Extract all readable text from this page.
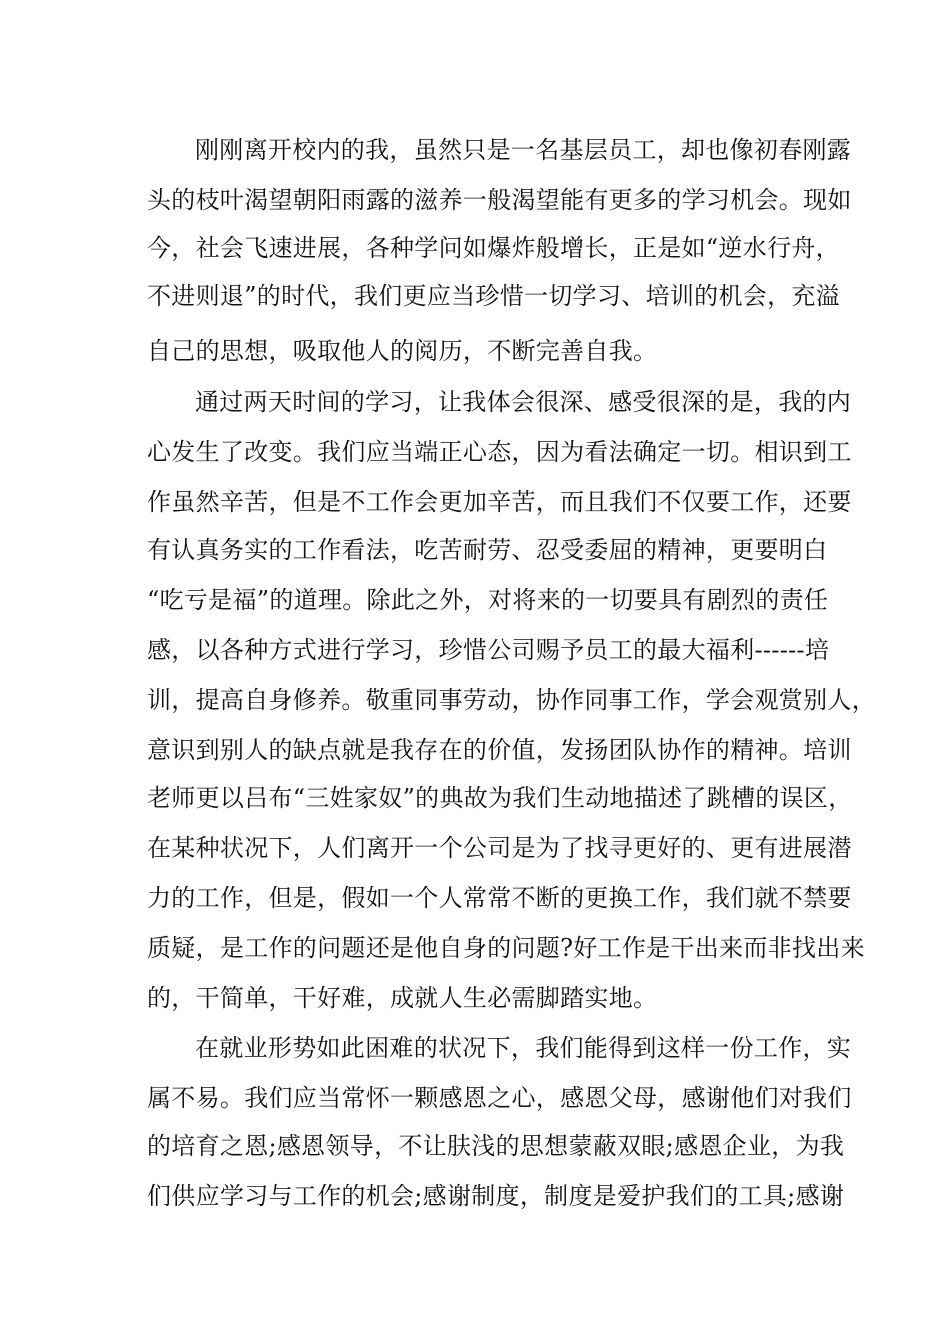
刚刚离开校内的我，虽然只是一名基层员工，却也像初春刚露

头的枝叶渴望朝阳雨露的滋养一般渴望能有更多的学习机会。现如

今，社会飞速进展，各种学问如爆炸般增长，正是如“逆水行舟，

不进则退”的时代，我们更应当珍惜一切学习、培训的机会，充溢

自己的思想，吸取他人的阅历，不断完善自我。

通过两天时间的学习，让我体会很深、感受很深的是，我的内

心发生了改变。我们应当端正心态，因为看法确定一切。相识到工

作虽然辛苦，但是不工作会更加辛苦，而且我们不仅要工作，还要

有认真务实的工作看法，吃苦耐劳、忍受委屈的精神，更要明白

“吃亏是福”的道理。除此之外，对将来的一切要具有剧烈的责任

感，以各种方式进行学习，珍惜公司赐予员工的最大福利------培

训，提高自身修养。敬重同事劳动，协作同事工作，学会观赏别人，

意识到别人的缺点就是我存在的价值，发扬团队协作的精神。培训

老师更以吕布“三姓家奴”的典故为我们生动地描述了跳槽的误区，

在某种状况下，人们离开一个公司是为了找寻更好的、更有进展潜

力的工作，但是，假如一个人常常不断的更换工作，我们就不禁要

质疑，是工作的问题还是他自身的问题?好工作是干出来而非找出来

的，干简单，干好难，成就人生必需脚踏实地。

在就业形势如此困难的状况下，我们能得到这样一份工作，实

属不易。我们应当常怀一颗感恩之心，感恩父母，感谢他们对我们

的培育之恩;感恩领导，不让肤浅的思想蒙蔽双眼;感恩企业，为我

们供应学习与工作的机会;感谢制度，制度是爱护我们的工具;感谢
